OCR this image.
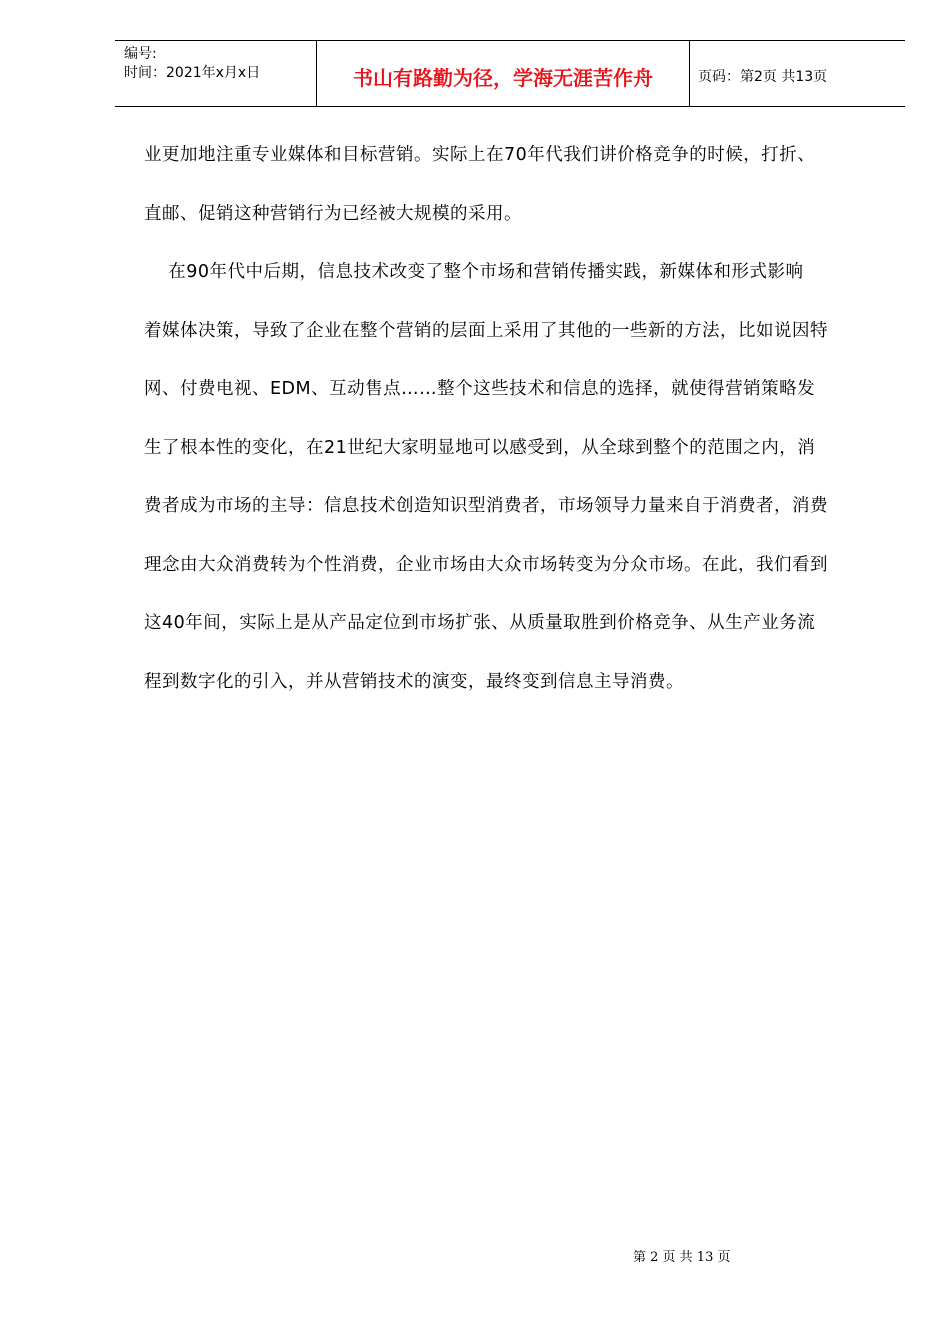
编号:
时间：2021年x月x日	书山有路勤为径，学海无涯苦作舟	页码：第2页 共13页

业更加地注重专业媒体和目标营销。实际上在70年代我们讲价格竞争的时候，打折、

直邮、促销这种营销行为已经被大规模的采用。

在90年代中后期，信息技术改变了整个市场和营销传播实践，新媒体和形式影响

着媒体决策，导致了企业在整个营销的层面上采用了其他的一些新的方法，比如说因特

网、付费电视、EDM、互动售点……整个这些技术和信息的选择，就使得营销策略发

生了根本性的变化，在21世纪大家明显地可以感受到，从全球到整个的范围之内，消

费者成为市场的主导：信息技术创造知识型消费者，市场领导力量来自于消费者，消费

理念由大众消费转为个性消费，企业市场由大众市场转变为分众市场。在此，我们看到

这40年间，实际上是从产品定位到市场扩张、从质量取胜到价格竞争、从生产业务流

程到数字化的引入，并从营销技术的演变，最终变到信息主导消费。

第 2 页 共 13 页
